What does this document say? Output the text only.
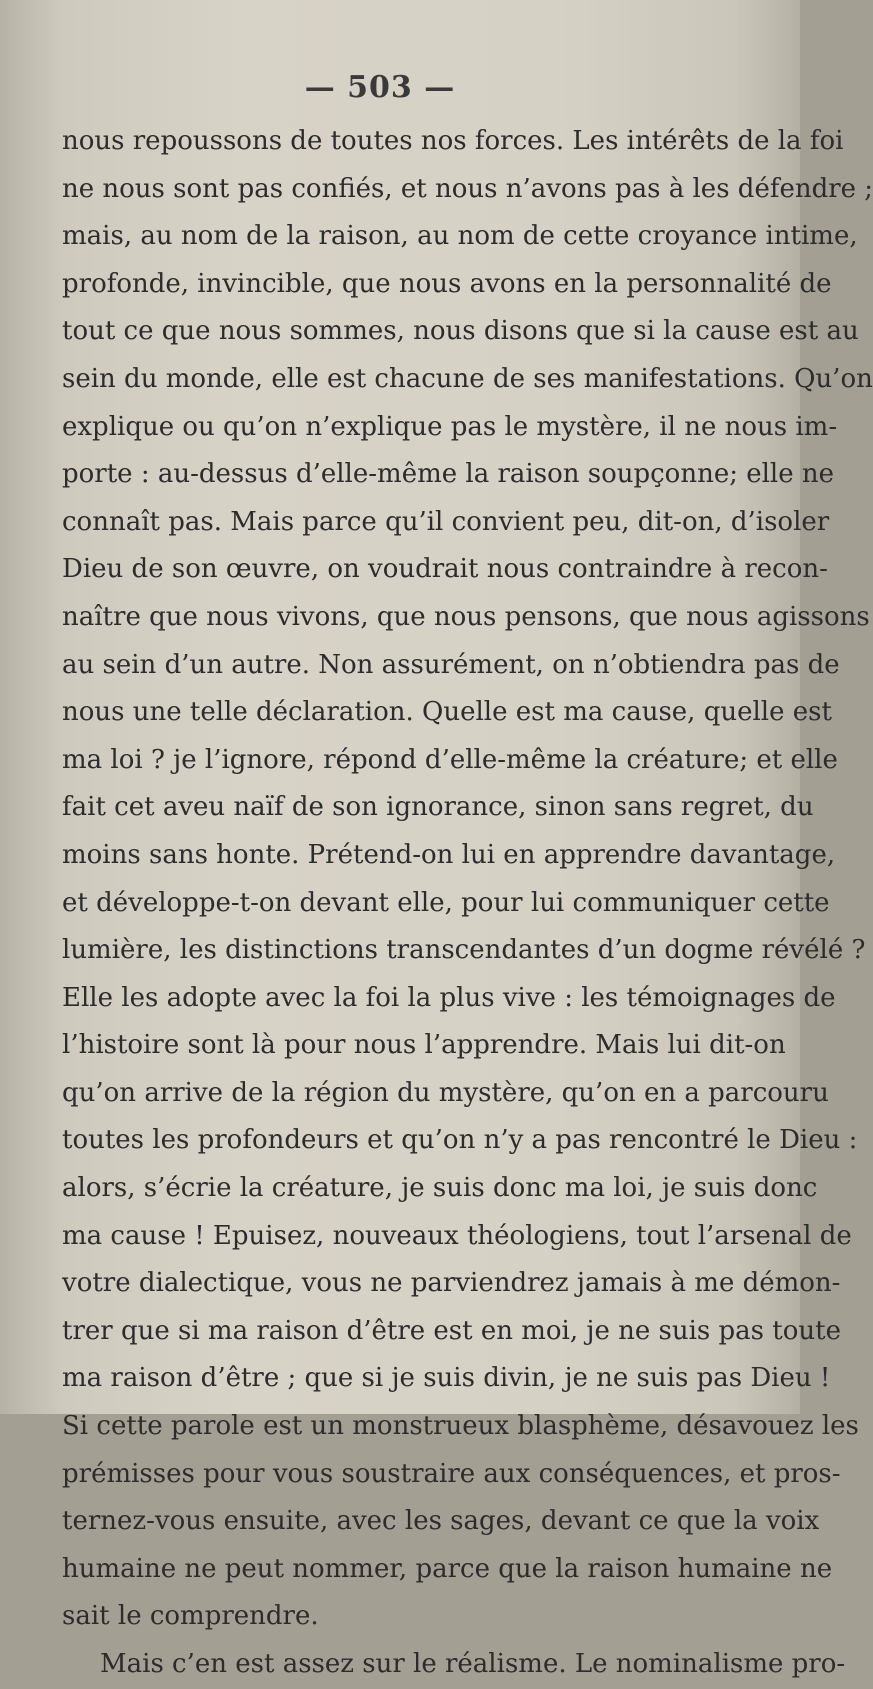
— 503 —
nous repoussons de toutes nos forces. Les intérêts de la foi
ne nous sont pas confiés, et nous n’avons pas à les défendre ;
mais, au nom de la raison, au nom de cette croyance intime,
profonde, invincible, que nous avons en la personnalité de
tout ce que nous sommes, nous disons que si la cause est au
sein du monde, elle est chacune de ses manifestations. Qu’on
explique ou qu’on n’explique pas le mystère, il ne nous im-
porte : au-dessus d’elle-même la raison soupçonne; elle ne
connaît pas. Mais parce qu’il convient peu, dit-on, d’isoler
Dieu de son œuvre, on voudrait nous contraindre à recon-
naître que nous vivons, que nous pensons, que nous agissons
au sein d’un autre. Non assurément, on n’obtiendra pas de
nous une telle déclaration. Quelle est ma cause, quelle est
ma loi ? je l’ignore, répond d’elle-même la créature; et elle
fait cet aveu naïf de son ignorance, sinon sans regret, du
moins sans honte. Prétend-on lui en apprendre davantage,
et développe-t-on devant elle, pour lui communiquer cette
lumière, les distinctions transcendantes d’un dogme révélé ?
Elle les adopte avec la foi la plus vive : les témoignages de
l’histoire sont là pour nous l’apprendre. Mais lui dit-on
qu’on arrive de la région du mystère, qu’on en a parcouru
toutes les profondeurs et qu’on n’y a pas rencontré le Dieu :
alors, s’écrie la créature, je suis donc ma loi, je suis donc
ma cause ! Epuisez, nouveaux théologiens, tout l’arsenal de
votre dialectique, vous ne parviendrez jamais à me démon-
trer que si ma raison d’être est en moi, je ne suis pas toute
ma raison d’être ; que si je suis divin, je ne suis pas Dieu !
Si cette parole est un monstrueux blasphème, désavouez les
prémisses pour vous soustraire aux conséquences, et pros-
ternez-vous ensuite, avec les sages, devant ce que la voix
humaine ne peut nommer, parce que la raison humaine ne
sait le comprendre.
Mais c’en est assez sur le réalisme. Le nominalisme pro-
